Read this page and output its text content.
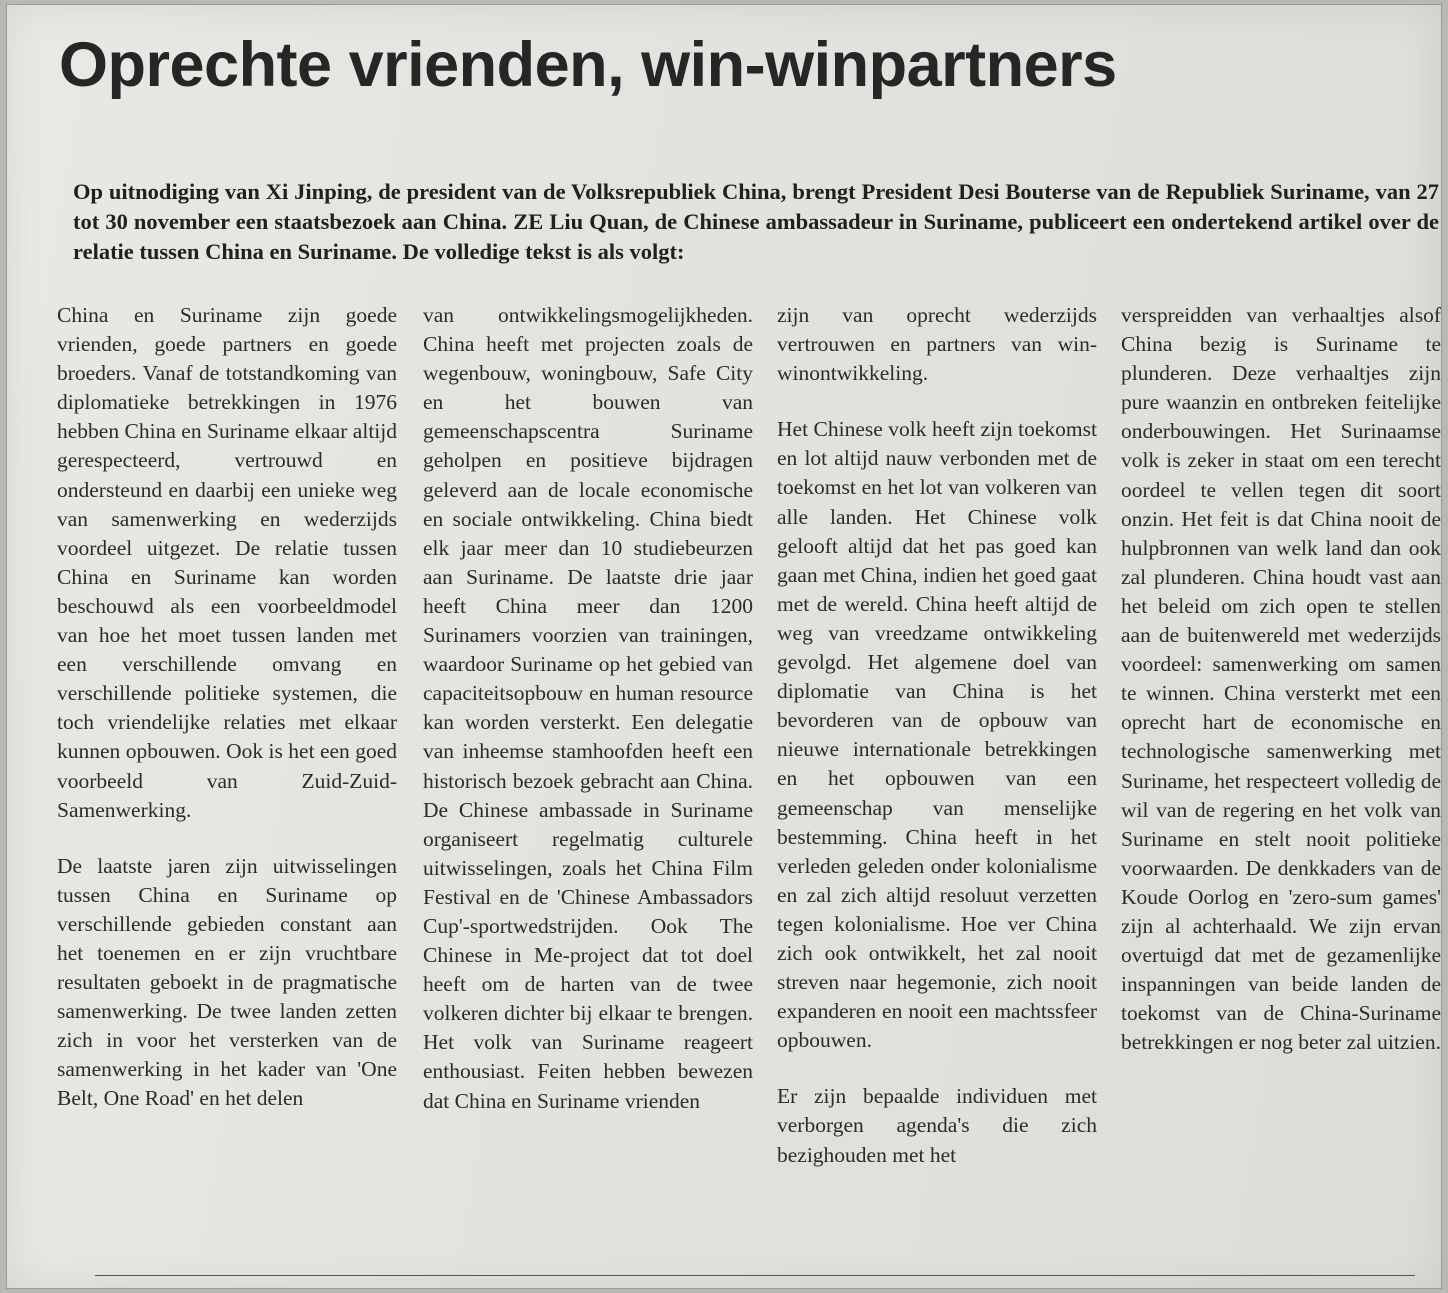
Oprechte vrienden, win-winpartners

Op uitnodiging van Xi Jinping, de president van de Volksrepubliek China, brengt President Desi Bouterse van de Republiek Suriname, van 27 tot 30 november een staatsbezoek aan China. ZE Liu Quan, de Chinese ambassadeur in Suriname, publiceert een ondertekend artikel over de relatie tussen China en Suriname. De volledige tekst is als volgt:

China en Suriname zijn goede vrienden, goede partners en goede broeders. Vanaf de totstandkoming van diplomatieke betrekkingen in 1976 hebben China en Suriname elkaar altijd gerespecteerd, vertrouwd en ondersteund en daarbij een unieke weg van samenwerking en wederzijds voordeel uitgezet. De relatie tussen China en Suriname kan worden beschouwd als een voorbeeldmodel van hoe het moet tussen landen met een verschillende omvang en verschillende politieke systemen, die toch vriendelijke relaties met elkaar kunnen opbouwen. Ook is het een goed voorbeeld van Zuid-Zuid-Samenwerking.

De laatste jaren zijn uitwisselingen tussen China en Suriname op verschillende gebieden constant aan het toenemen en er zijn vruchtbare resultaten geboekt in de pragmatische samenwerking. De twee landen zetten zich in voor het versterken van de samenwerking in het kader van 'One Belt, One Road' en het delen

van ontwikkelingsmogelijkheden. China heeft met projecten zoals de wegenbouw, woningbouw, Safe City en het bouwen van gemeenschapscentra Suriname geholpen en positieve bijdragen geleverd aan de locale economische en sociale ontwikkeling. China biedt elk jaar meer dan 10 studiebeurzen aan Suriname. De laatste drie jaar heeft China meer dan 1200 Surinamers voorzien van trainingen, waardoor Suriname op het gebied van capaciteitsopbouw en human resource kan worden versterkt. Een delegatie van inheemse stamhoofden heeft een historisch bezoek gebracht aan China. De Chinese ambassade in Suriname organiseert regelmatig culturele uitwisselingen, zoals het China Film Festival en de 'Chinese Ambassadors Cup'-sportwedstrijden. Ook The Chinese in Me-project dat tot doel heeft om de harten van de twee volkeren dichter bij elkaar te brengen. Het volk van Suriname reageert enthousiast. Feiten hebben bewezen dat China en Suriname vrienden

zijn van oprecht wederzijds vertrouwen en partners van win-winontwikkeling.

Het Chinese volk heeft zijn toekomst en lot altijd nauw verbonden met de toekomst en het lot van volkeren van alle landen. Het Chinese volk gelooft altijd dat het pas goed kan gaan met China, indien het goed gaat met de wereld. China heeft altijd de weg van vreedzame ontwikkeling gevolgd. Het algemene doel van diplomatie van China is het bevorderen van de opbouw van nieuwe internationale betrekkingen en het opbouwen van een gemeenschap van menselijke bestemming. China heeft in het verleden geleden onder kolonialisme en zal zich altijd resoluut verzetten tegen kolonialisme. Hoe ver China zich ook ontwikkelt, het zal nooit streven naar hegemonie, zich nooit expanderen en nooit een machtssfeer opbouwen.

Er zijn bepaalde individuen met verborgen agenda's die zich bezighouden met het

verspreidden van verhaaltjes alsof China bezig is Suriname te plunderen. Deze verhaaltjes zijn pure waanzin en ontbreken feitelijke onderbouwingen. Het Surinaamse volk is zeker in staat om een terecht oordeel te vellen tegen dit soort onzin. Het feit is dat China nooit de hulpbronnen van welk land dan ook zal plunderen. China houdt vast aan het beleid om zich open te stellen aan de buitenwereld met wederzijds voordeel: samenwerking om samen te winnen. China versterkt met een oprecht hart de economische en technologische samenwerking met Suriname, het respecteert volledig de wil van de regering en het volk van Suriname en stelt nooit politieke voorwaarden. De denkkaders van de Koude Oorlog en 'zero-sum games' zijn al achterhaald. We zijn ervan overtuigd dat met de gezamenlijke inspanningen van beide landen de toekomst van de China-Suriname betrekkingen er nog beter zal uitzien.
